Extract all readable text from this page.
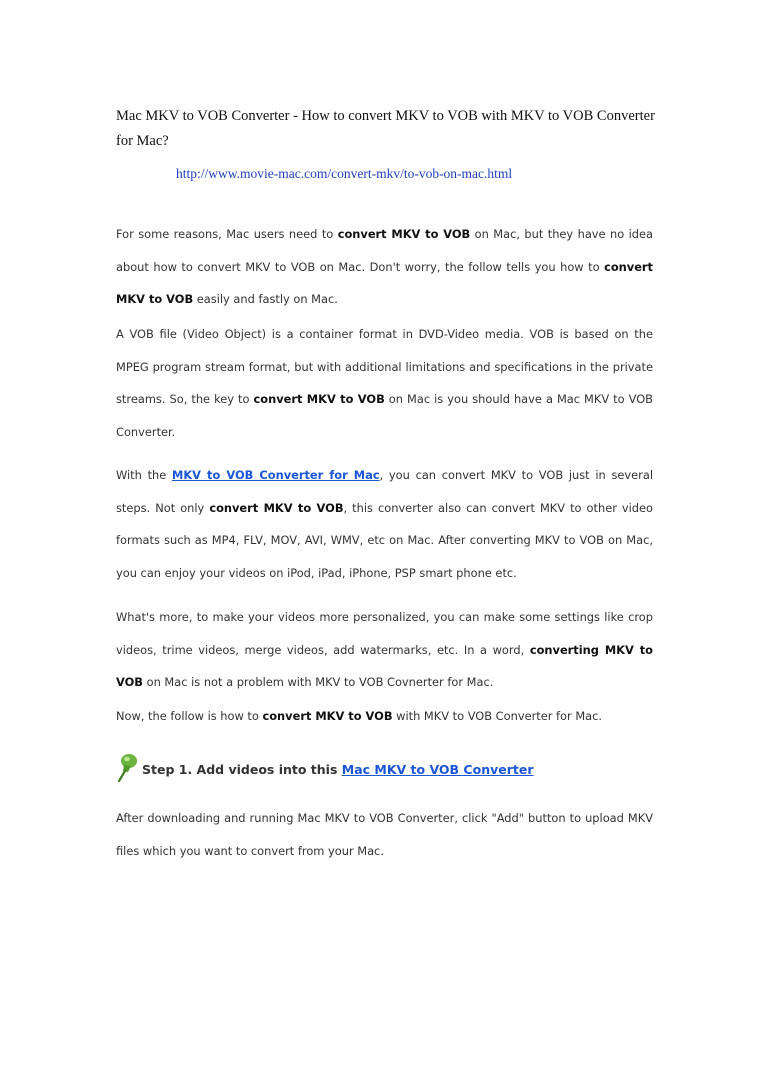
Mac MKV to VOB Converter - How to convert MKV to VOB with MKV to VOB Converter for Mac?
http://www.movie-mac.com/convert-mkv/to-vob-on-mac.html

For some reasons, Mac users need to convert MKV to VOB on Mac, but they have no idea about how to convert MKV to VOB on Mac. Don't worry, the follow tells you how to convert MKV to VOB easily and fastly on Mac.

A VOB file (Video Object) is a container format in DVD-Video media. VOB is based on the MPEG program stream format, but with additional limitations and specifications in the private streams. So, the key to convert MKV to VOB on Mac is you should have a Mac MKV to VOB Converter.

With the MKV to VOB Converter for Mac, you can convert MKV to VOB just in several steps. Not only convert MKV to VOB, this converter also can convert MKV to other video formats such as MP4, FLV, MOV, AVI, WMV, etc on Mac. After converting MKV to VOB on Mac, you can enjoy your videos on iPod, iPad, iPhone, PSP smart phone etc.

What's more, to make your videos more personalized, you can make some settings like crop videos, trime videos, merge videos, add watermarks, etc. In a word, converting MKV to VOB on Mac is not a problem with MKV to VOB Covnerter for Mac.

Now, the follow is how to convert MKV to VOB with MKV to VOB Converter for Mac.

Step 1. Add videos into this Mac MKV to VOB Converter

After downloading and running Mac MKV to VOB Converter, click "Add" button to upload MKV files which you want to convert from your Mac.
